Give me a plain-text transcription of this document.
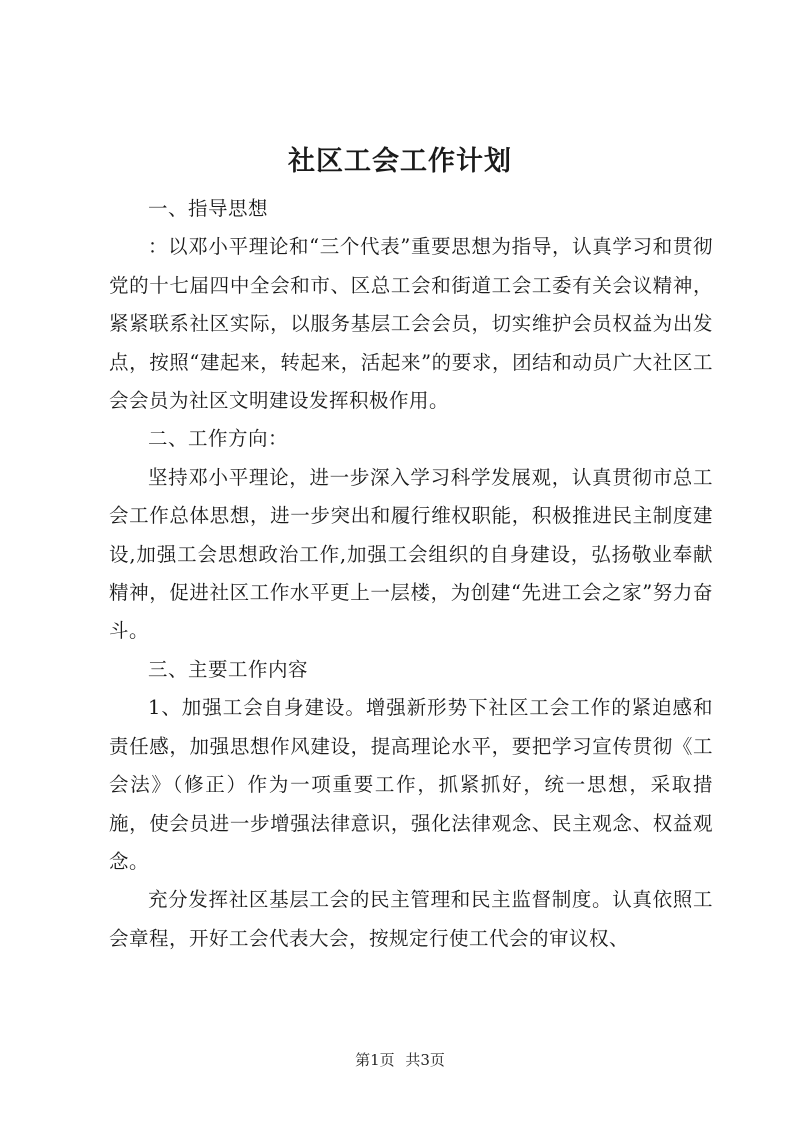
社区工会工作计划

一、指导思想

：以邓小平理论和“三个代表”重要思想为指导，认真学习和贯彻党的十七届四中全会和市、区总工会和街道工会工委有关会议精神，紧紧联系社区实际，以服务基层工会会员，切实维护会员权益为出发点，按照“建起来，转起来，活起来”的要求，团结和动员广大社区工会会员为社区文明建设发挥积极作用。

二、工作方向：

坚持邓小平理论，进一步深入学习科学发展观，认真贯彻市总工会工作总体思想，进一步突出和履行维权职能，积极推进民主制度建设,加强工会思想政治工作,加强工会组织的自身建设，弘扬敬业奉献精神，促进社区工作水平更上一层楼，为创建“先进工会之家”努力奋斗。

三、主要工作内容

1、加强工会自身建设。增强新形势下社区工会工作的紧迫感和责任感，加强思想作风建设，提高理论水平，要把学习宣传贯彻《工会法》（修正）作为一项重要工作，抓紧抓好，统一思想，采取措施，使会员进一步增强法律意识，强化法律观念、民主观念、权益观念。

充分发挥社区基层工会的民主管理和民主监督制度。认真依照工会章程，开好工会代表大会，按规定行使工代会的审议权、

第1页 共3页
